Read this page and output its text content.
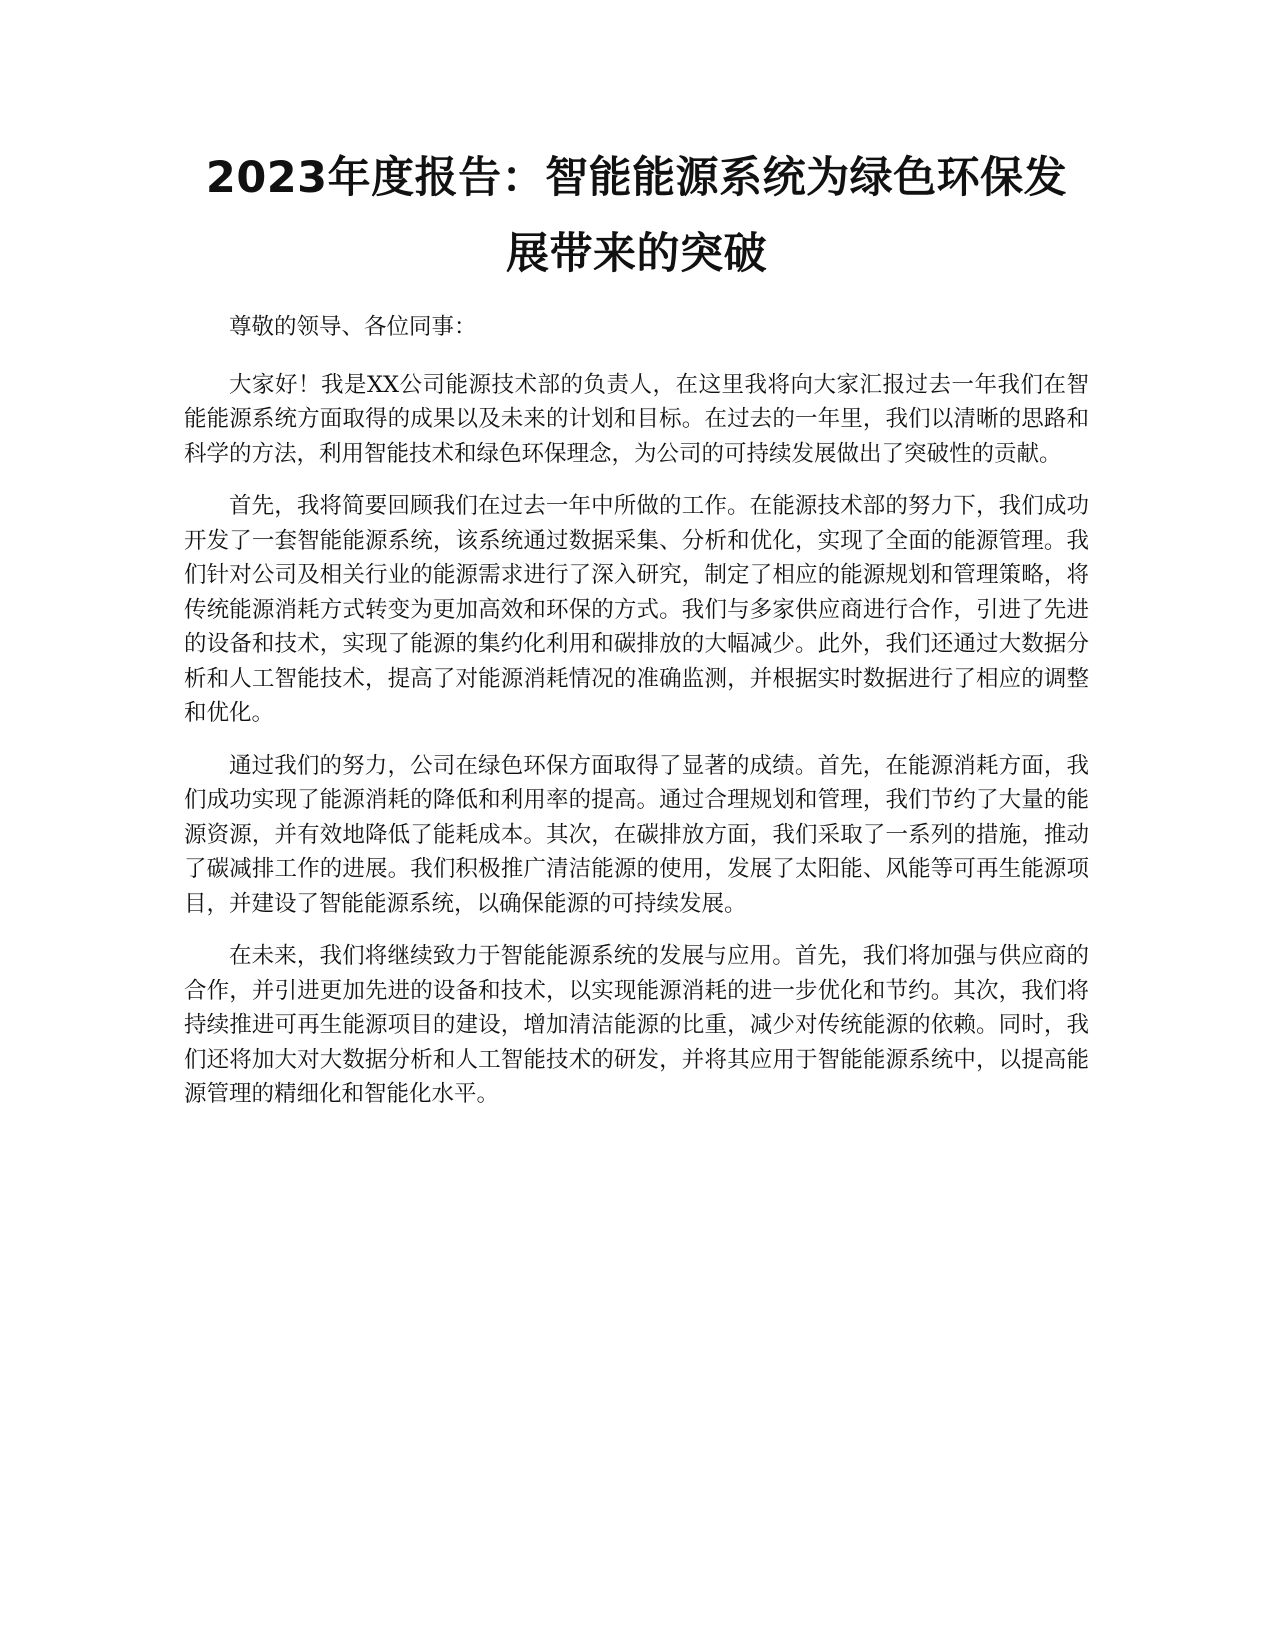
2023年度报告：智能能源系统为绿色环保发
展带来的突破

尊敬的领导、各位同事：

大家好！我是XX公司能源技术部的负责人，在这里我将向大家汇报过去一年我们在智能能源系统方面取得的成果以及未来的计划和目标。在过去的一年里，我们以清晰的思路和科学的方法，利用智能技术和绿色环保理念，为公司的可持续发展做出了突破性的贡献。

首先，我将简要回顾我们在过去一年中所做的工作。在能源技术部的努力下，我们成功开发了一套智能能源系统，该系统通过数据采集、分析和优化，实现了全面的能源管理。我们针对公司及相关行业的能源需求进行了深入研究，制定了相应的能源规划和管理策略，将传统能源消耗方式转变为更加高效和环保的方式。我们与多家供应商进行合作，引进了先进的设备和技术，实现了能源的集约化利用和碳排放的大幅减少。此外，我们还通过大数据分析和人工智能技术，提高了对能源消耗情况的准确监测，并根据实时数据进行了相应的调整和优化。

通过我们的努力，公司在绿色环保方面取得了显著的成绩。首先，在能源消耗方面，我们成功实现了能源消耗的降低和利用率的提高。通过合理规划和管理，我们节约了大量的能源资源，并有效地降低了能耗成本。其次，在碳排放方面，我们采取了一系列的措施，推动了碳减排工作的进展。我们积极推广清洁能源的使用，发展了太阳能、风能等可再生能源项目，并建设了智能能源系统，以确保能源的可持续发展。

在未来，我们将继续致力于智能能源系统的发展与应用。首先，我们将加强与供应商的合作，并引进更加先进的设备和技术，以实现能源消耗的进一步优化和节约。其次，我们将持续推进可再生能源项目的建设，增加清洁能源的比重，减少对传统能源的依赖。同时，我们还将加大对大数据分析和人工智能技术的研发，并将其应用于智能能源系统中，以提高能源管理的精细化和智能化水平。
